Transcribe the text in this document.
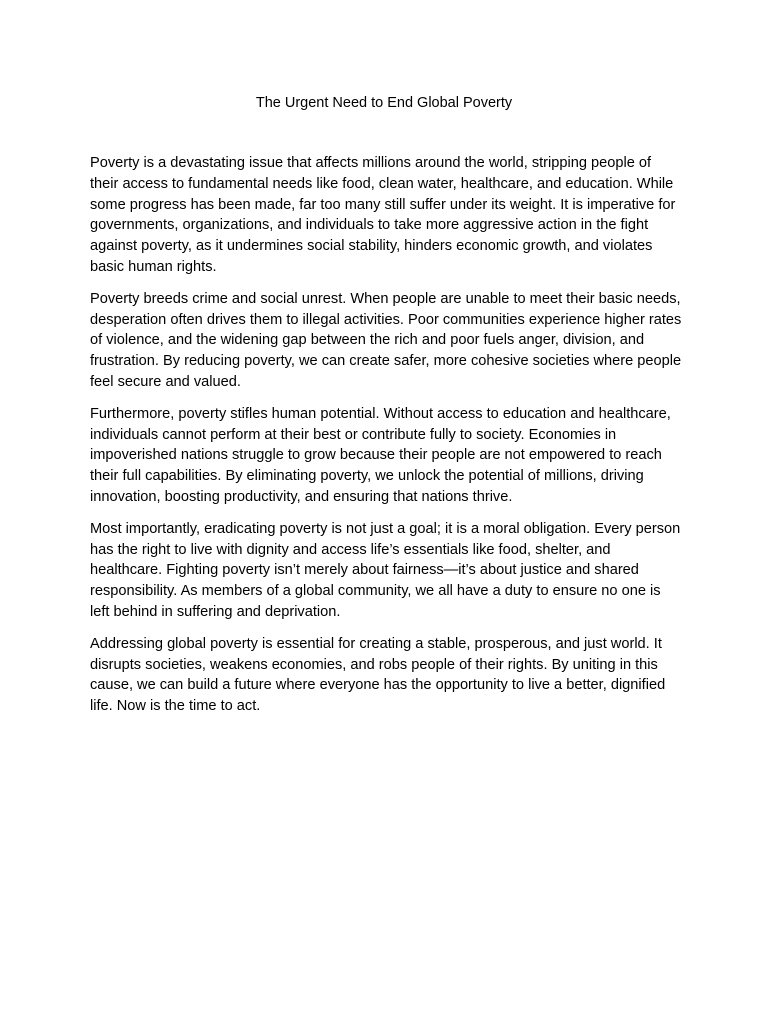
The Urgent Need to End Global Poverty

Poverty is a devastating issue that affects millions around the world, stripping people of their access to fundamental needs like food, clean water, healthcare, and education. While some progress has been made, far too many still suffer under its weight. It is imperative for governments, organizations, and individuals to take more aggressive action in the fight against poverty, as it undermines social stability, hinders economic growth, and violates basic human rights.

Poverty breeds crime and social unrest. When people are unable to meet their basic needs, desperation often drives them to illegal activities. Poor communities experience higher rates of violence, and the widening gap between the rich and poor fuels anger, division, and frustration. By reducing poverty, we can create safer, more cohesive societies where people feel secure and valued.

Furthermore, poverty stifles human potential. Without access to education and healthcare, individuals cannot perform at their best or contribute fully to society. Economies in impoverished nations struggle to grow because their people are not empowered to reach their full capabilities. By eliminating poverty, we unlock the potential of millions, driving innovation, boosting productivity, and ensuring that nations thrive.

Most importantly, eradicating poverty is not just a goal; it is a moral obligation. Every person has the right to live with dignity and access life’s essentials like food, shelter, and healthcare. Fighting poverty isn’t merely about fairness—it’s about justice and shared responsibility. As members of a global community, we all have a duty to ensure no one is left behind in suffering and deprivation.

Addressing global poverty is essential for creating a stable, prosperous, and just world. It disrupts societies, weakens economies, and robs people of their rights. By uniting in this cause, we can build a future where everyone has the opportunity to live a better, dignified life. Now is the time to act.
